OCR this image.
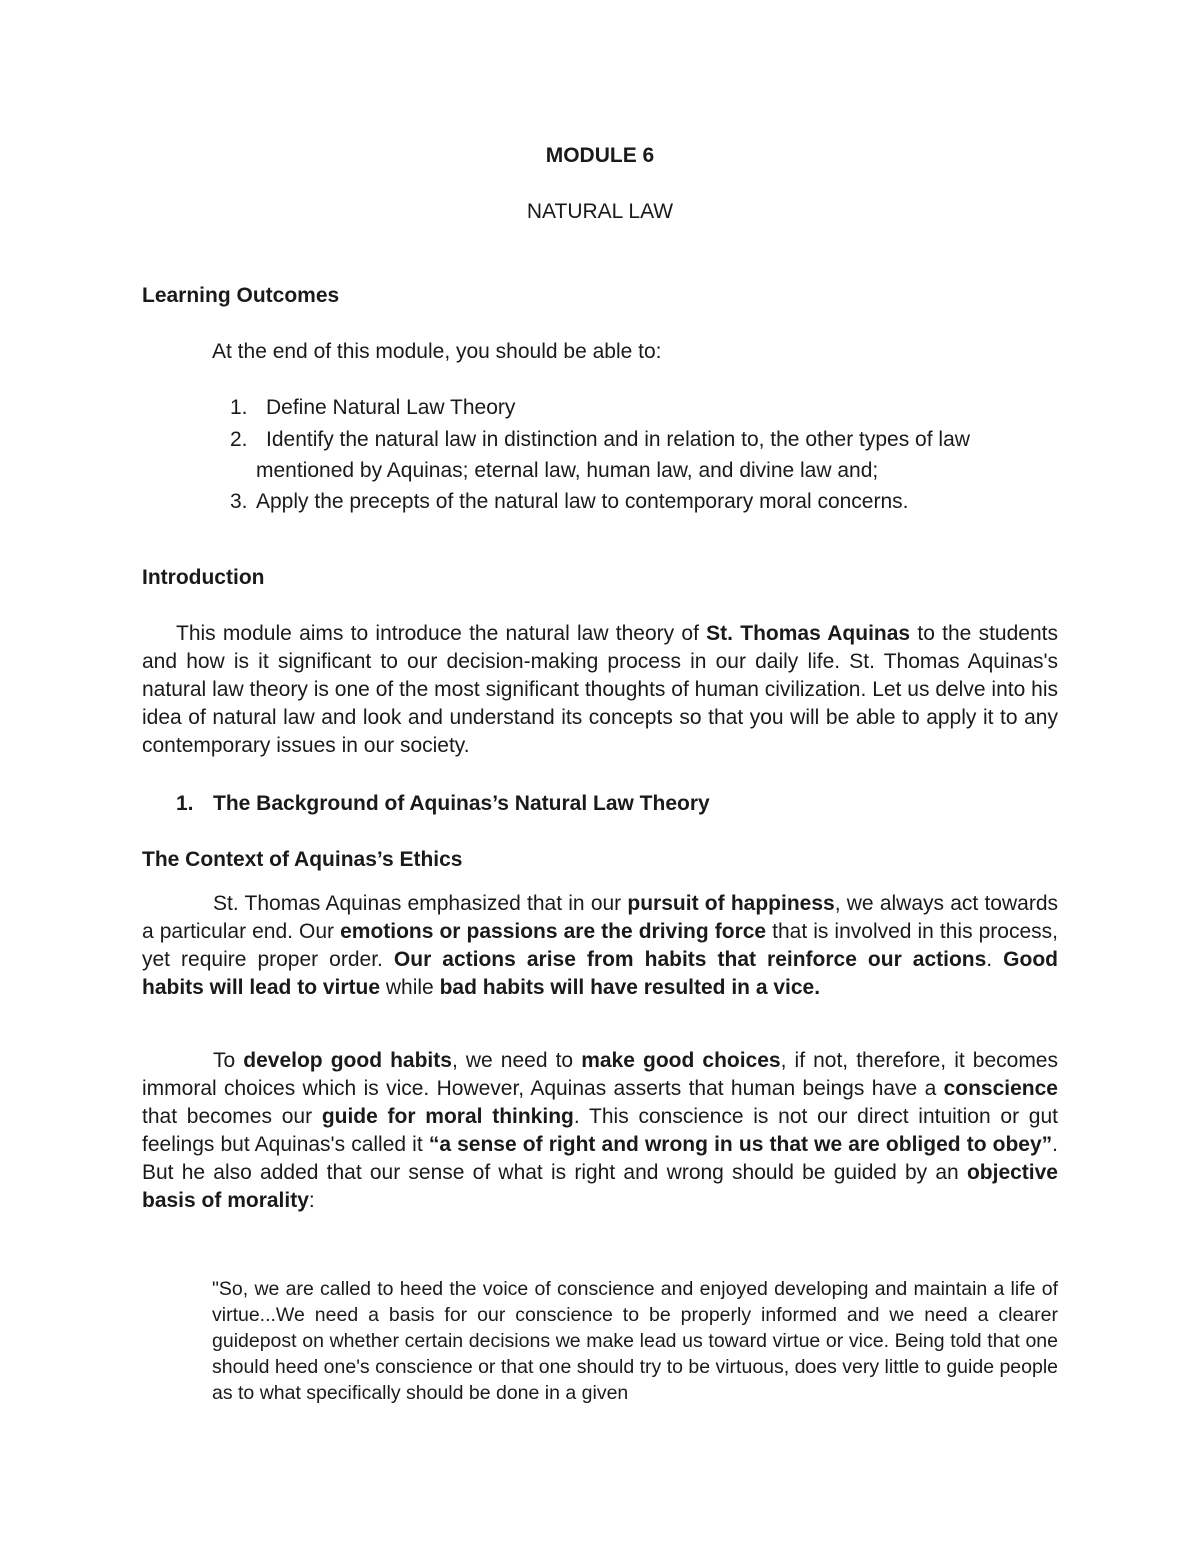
MODULE 6
NATURAL LAW
Learning Outcomes
At the end of this module, you should be able to:
1. Define Natural Law Theory
2. Identify the natural law in distinction and in relation to, the other types of law
mentioned by Aquinas; eternal law, human law, and divine law and;
3. Apply the precepts of the natural law to contemporary moral concerns.
Introduction

This module aims to introduce the natural law theory of St. Thomas Aquinas to the students and how is it significant to our decision-making process in our daily life. St. Thomas Aquinas's natural law theory is one of the most significant thoughts of human civilization. Let us delve into his idea of natural law and look and understand its concepts so that you will be able to apply it to any contemporary issues in our society.

1. The Background of Aquinas’s Natural Law Theory
The Context of Aquinas’s Ethics

St. Thomas Aquinas emphasized that in our pursuit of happiness, we always act towards a particular end. Our emotions or passions are the driving force that is involved in this process, yet require proper order. Our actions arise from habits that reinforce our actions. Good habits will lead to virtue while bad habits will have resulted in a vice.

To develop good habits, we need to make good choices, if not, therefore, it becomes immoral choices which is vice. However, Aquinas asserts that human beings have a conscience that becomes our guide for moral thinking. This conscience is not our direct intuition or gut feelings but Aquinas's called it “a sense of right and wrong in us that we are obliged to obey”. But he also added that our sense of what is right and wrong should be guided by an objective basis of morality:

"So, we are called to heed the voice of conscience and enjoyed developing and maintain a life of virtue...We need a basis for our conscience to be properly informed and we need a clearer guidepost on whether certain decisions we make lead us toward virtue or vice. Being told that one should heed one's conscience or that one should try to be virtuous, does very little to guide people as to what specifically should be done in a given
